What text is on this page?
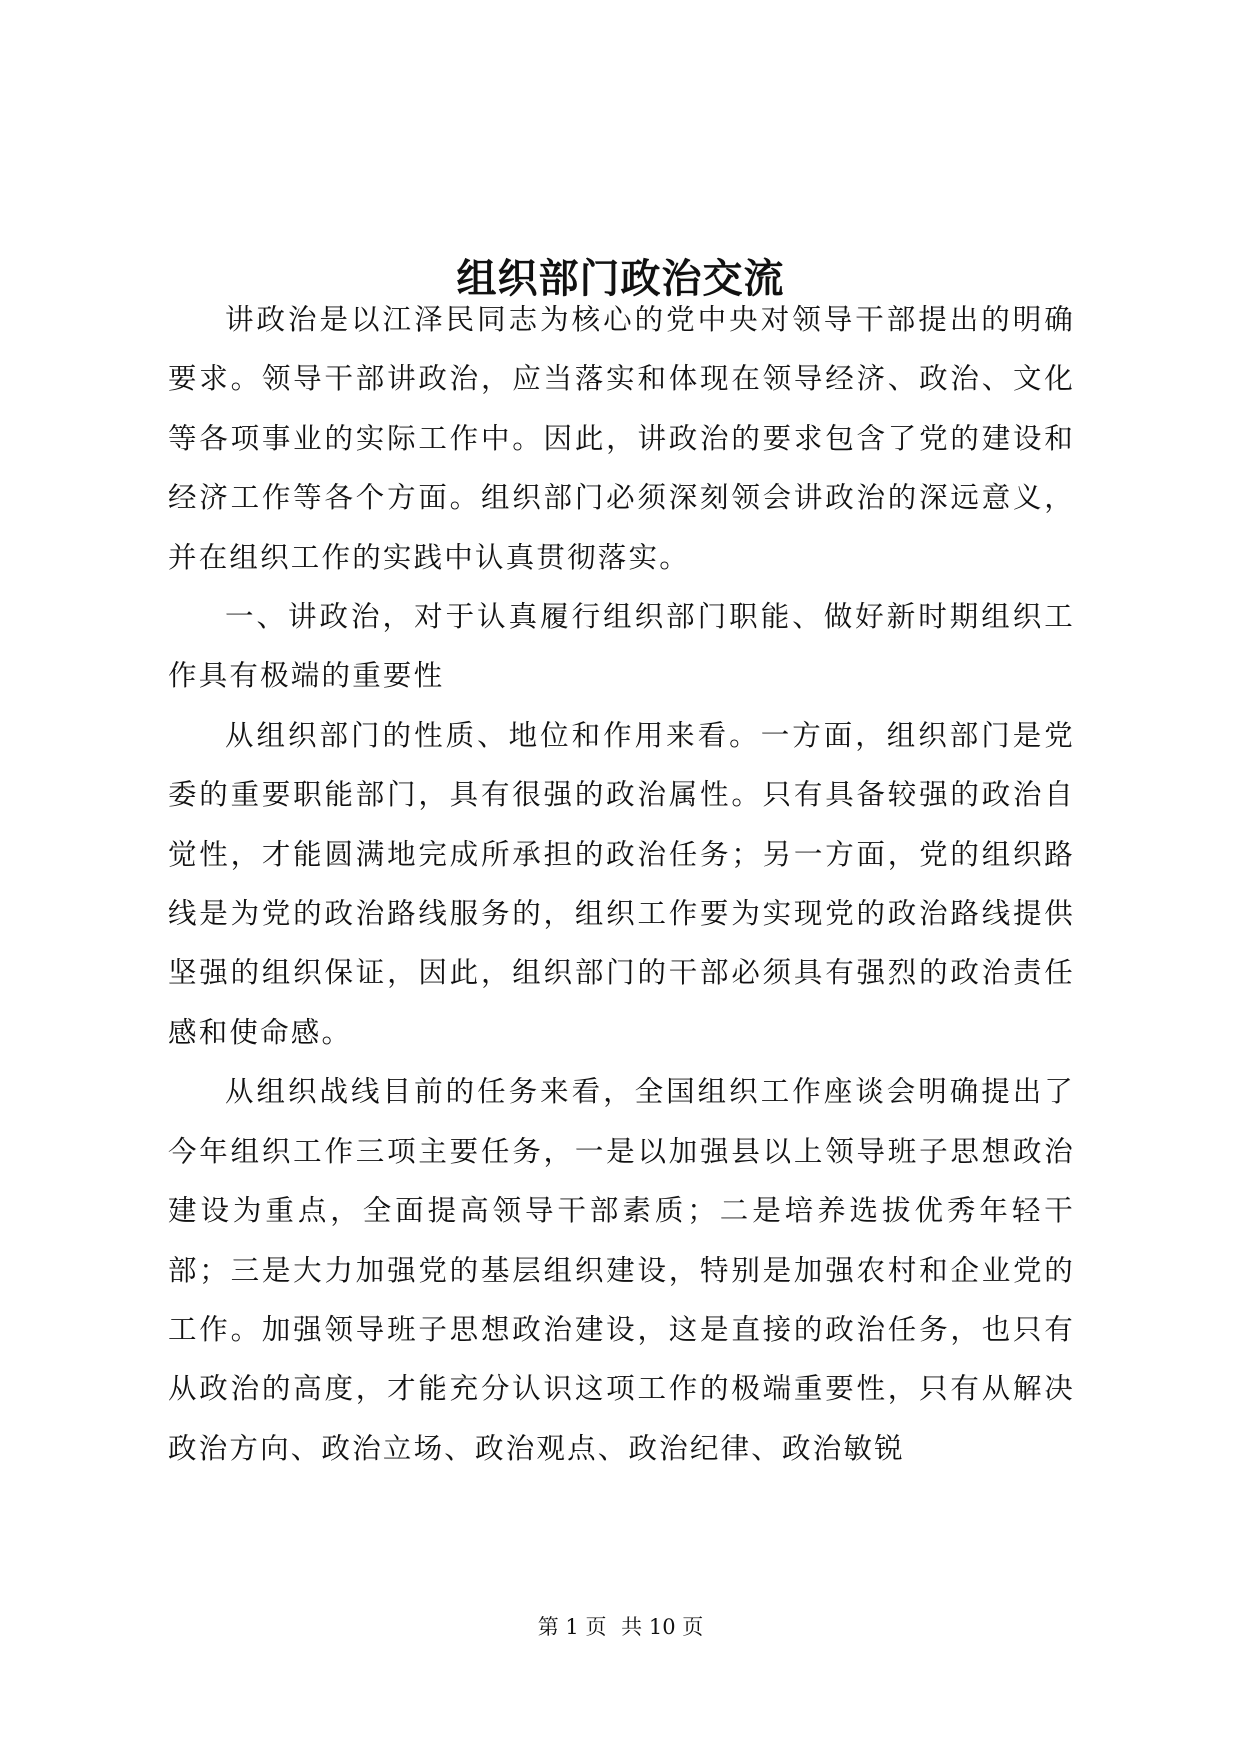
组织部门政治交流

讲政治是以江泽民同志为核心的党中央对领导干部提出的明确要求。领导干部讲政治，应当落实和体现在领导经济、政治、文化等各项事业的实际工作中。因此，讲政治的要求包含了党的建设和经济工作等各个方面。组织部门必须深刻领会讲政治的深远意义，并在组织工作的实践中认真贯彻落实。

一、讲政治，对于认真履行组织部门职能、做好新时期组织工作具有极端的重要性

从组织部门的性质、地位和作用来看。一方面，组织部门是党委的重要职能部门，具有很强的政治属性。只有具备较强的政治自觉性，才能圆满地完成所承担的政治任务；另一方面，党的组织路线是为党的政治路线服务的，组织工作要为实现党的政治路线提供坚强的组织保证，因此，组织部门的干部必须具有强烈的政治责任感和使命感。

从组织战线目前的任务来看，全国组织工作座谈会明确提出了今年组织工作三项主要任务，一是以加强县以上领导班子思想政治建设为重点，全面提高领导干部素质；二是培养选拔优秀年轻干部；三是大力加强党的基层组织建设，特别是加强农村和企业党的工作。加强领导班子思想政治建设，这是直接的政治任务，也只有从政治的高度，才能充分认识这项工作的极端重要性，只有从解决政治方向、政治立场、政治观点、政治纪律、政治敏锐

第 1 页 共 10 页
